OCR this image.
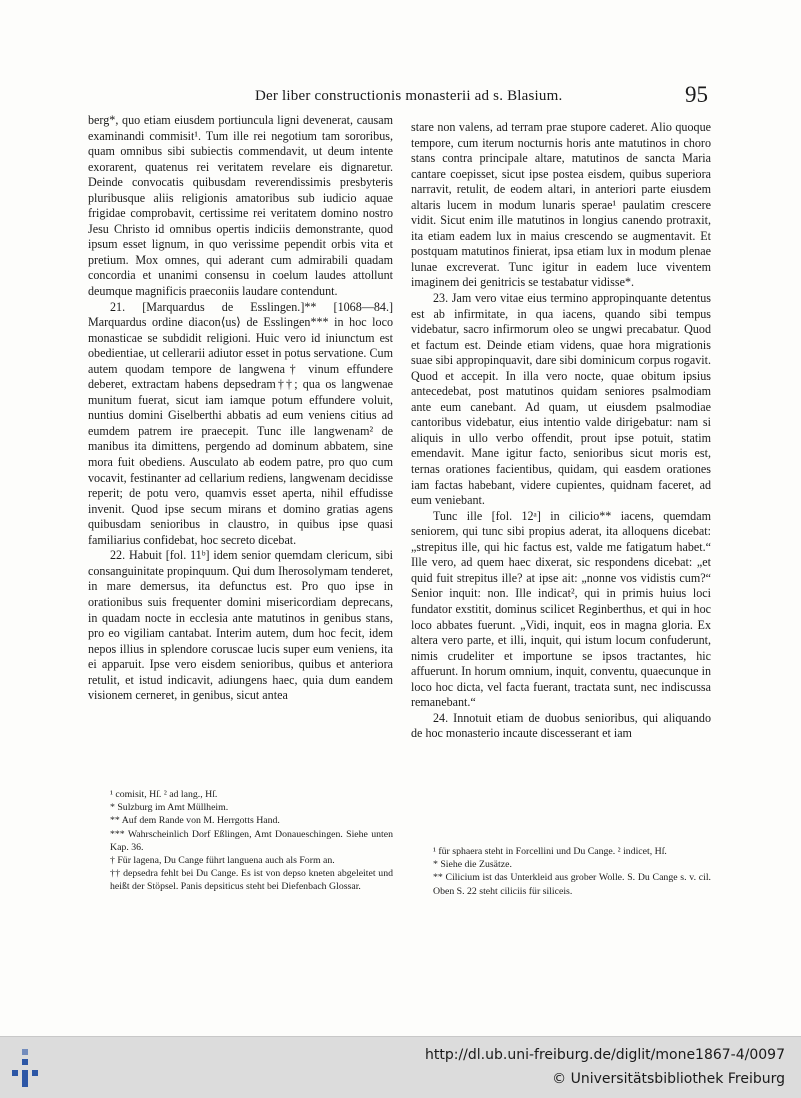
Der liber constructionis monasterii ad s. Blasium.	95

berg*, quo etiam eiusdem portiuncula ligni devenerat, causam examinandi commisit¹. Tum ille rei negotium tam sororibus, quam omnibus sibi subiectis commendavit, ut deum intente exorarent, quatenus rei veritatem revelare eis dignaretur. Deinde convocatis quibusdam reverendissimis presbyteris pluribusque aliis religionis amatoribus sub iudicio aquae frigidae comprobavit, certissime rei veritatem domino nostro Jesu Christo id omnibus opertis indiciis demonstrante, quod ipsum esset lignum, in quo verissime pependit orbis vita et pretium. Mox omnes, qui aderant cum admirabili quadam concordia et unanimi consensu in coelum laudes attollunt deumque magnificis praeconiis laudare contendunt.

21. [Marquardus de Esslingen.]** [1068—84.] Marquardus ordine diacon⟨us⟩ de Esslingen*** in hoc loco monasticae se subdidit religioni. Huic vero id iniunctum est obedientiae, ut cellerarii adiutor esset in potus servatione. Cum autem quodam tempore de langwena† vinum effundere deberet, extractam habens depsedram††; qua os langwenae munitum fuerat, sicut iam iamque potum effundere voluit, nuntius domini Giselberthi abbatis ad eum veniens citius ad eumdem patrem ire praecepit. Tunc ille langwenam² de manibus ita dimittens, pergendo ad dominum abbatem, sine mora fuit obediens. Ausculato ab eodem patre, pro quo cum vocavit, festinanter ad cellarium rediens, langwenam decidisse reperit; de potu vero, quamvis esset aperta, nihil effudisse invenit. Quod ipse secum mirans et domino gratias agens quibusdam senioribus in claustro, in quibus ipse quasi familiarius confidebat, hoc secreto dicebat.

22. Habuit [fol. 11ᵇ] idem senior quemdam clericum, sibi consanguinitate propinquum. Qui dum Iherosolymam tenderet, in mare demersus, ita defunctus est. Pro quo ipse in orationibus suis frequenter domini misericordiam deprecans, in quadam nocte in ecclesia ante matutinos in genibus stans, pro eo vigiliam cantabat. Interim autem, dum hoc fecit, idem nepos illius in splendore coruscae lucis super eum veniens, ita ei apparuit. Ipse vero eisdem senioribus, quibus et anteriora retulit, et istud indicavit, adiungens haec, quia dum eandem visionem cerneret, in genibus, sicut antea

¹ comisit, Hſ. ² ad lang., Hſ.

* Sulzburg im Amt Müllheim.

** Auf dem Rande von M. Herrgotts Hand.

*** Wahrscheinlich Dorf Eßlingen, Amt Donaueschingen. Siehe unten Kap. 36.

† Für lagena, Du Cange führt languena auch als Form an.

†† depsedra fehlt bei Du Cange. Es ist von depso kneten abgeleitet und heißt der Stöpsel. Panis depsiticus steht bei Diefenbach Glossar.

stare non valens, ad terram prae stupore caderet. Alio quoque tempore, cum iterum nocturnis horis ante matutinos in choro stans contra principale altare, matutinos de sancta Maria cantare coepisset, sicut ipse postea eisdem, quibus superiora narravit, retulit, de eodem altari, in anteriori parte eiusdem altaris lucem in modum lunaris sperae¹ paulatim crescere vidit. Sicut enim ille matutinos in longius canendo protraxit, ita etiam eadem lux in maius crescendo se augmentavit. Et postquam matutinos finierat, ipsa etiam lux in modum plenae lunae excreverat. Tunc igitur in eadem luce viventem imaginem dei genitricis se testabatur vidisse*.

23. Jam vero vitae eius termino appropinquante detentus est ab infirmitate, in qua iacens, quando sibi tempus videbatur, sacro infirmorum oleo se ungwi precabatur. Quod et factum est. Deinde etiam videns, quae hora migrationis suae sibi appropinquavit, dare sibi dominicum corpus rogavit. Quod et accepit. In illa vero nocte, quae obitum ipsius antecedebat, post matutinos quidam seniores psalmodiam ante eum canebant. Ad quam, ut eiusdem psalmodiae cantoribus videbatur, eius intentio valde dirigebatur: nam si aliquis in ullo verbo offendit, prout ipse potuit, statim emendavit. Mane igitur facto, senioribus sicut moris est, ternas orationes facientibus, quidam, qui easdem orationes iam factas habebant, videre cupientes, quidnam faceret, ad eum veniebant.

Tunc ille [fol. 12ᵃ] in cilicio** iacens, quemdam seniorem, qui tunc sibi propius aderat, ita alloquens dicebat: „strepitus ille, qui hic factus est, valde me fatigatum habet.“ Ille vero, ad quem haec dixerat, sic respondens dicebat: „et quid fuit strepitus ille? at ipse ait: „nonne vos vidistis cum?“ Senior inquit: non. Ille indicat², qui in primis huius loci fundator exstitit, dominus scilicet Reginberthus, et qui in hoc loco abbates fuerunt. „Vidi, inquit, eos in magna gloria. Ex altera vero parte, et illi, inquit, qui istum locum confuderunt, nimis crudeliter et importune se ipsos tractantes, hic affuerunt. In horum omnium, inquit, conventu, quaecunque in loco hoc dicta, vel facta fuerant, tractata sunt, nec indiscussa remanebant.“

24. Innotuit etiam de duobus senioribus, qui aliquando de hoc monasterio incaute discesserant et iam

¹ für sphaera steht in Forcellini und Du Cange. ² indicet, Hſ.

* Siehe die Zusätze.

** Cilicium ist das Unterkleid aus grober Wolle. S. Du Cange s. v. cil. Oben S. 22 steht ciliciis für siliceis.

http://dl.ub.uni-freiburg.de/diglit/mone1867-4/0097
© Universitätsbibliothek Freiburg
